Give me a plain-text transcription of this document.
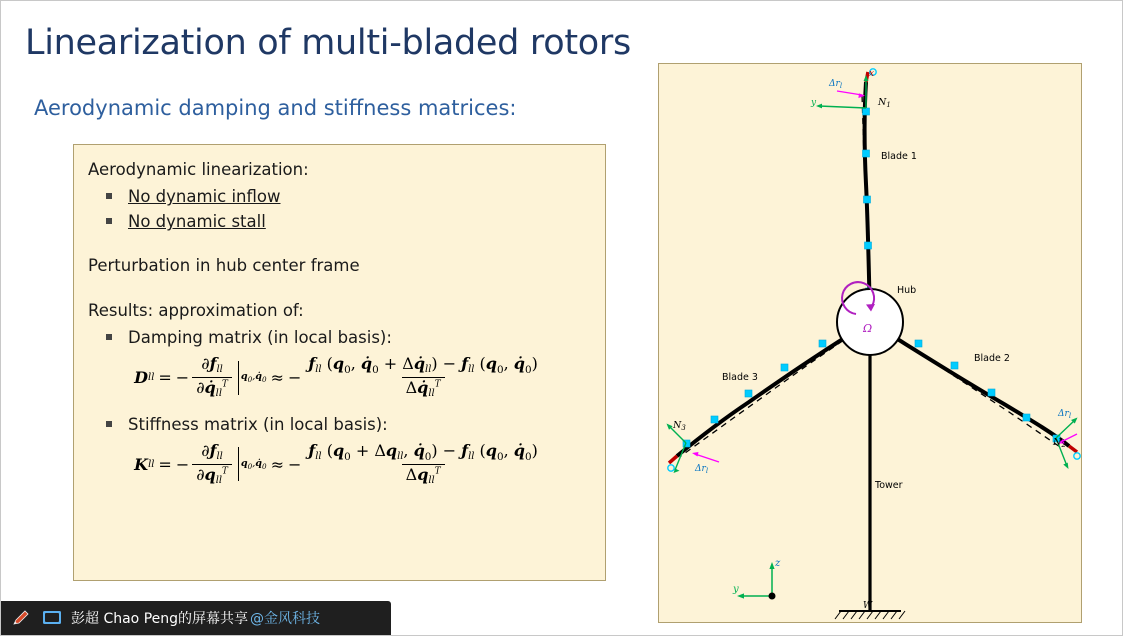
Linearization of multi-bladed rotors
Aerodynamic damping and stiffness matrices:
Aerodynamic linearization:
No dynamic inflow
No dynamic stall
Perturbation in hub center frame
Results: approximation of:
Damping matrix (in local basis):
D ll = − $\frac{\partial ƒ_{ll}}{\partial q̇_{ll}^T}$ $q_0,q̇_0$ ≈ − $\frac{ƒ_{ll} (q_0, q̇_0 + \Delta q̇_{ll}) - ƒ_{ll} (q_0, q̇_0)}{\Delta q̇_{ll}^T}$
Stiffness matrix (in local basis):
K ll = − $\frac{\partial ƒ_{ll}}{\partial q_{ll}^T}$ $q_0,q̇_0$ ≈ − $\frac{ƒ_{ll} (q_0 + \Delta q_{ll}, q̇_0) - ƒ_{ll} (q_0, q̇_0)}{\Delta q_{ll}^T}$
x
y
Δrl
N1
Blade 1
Δrl
N2
Blade 2
Δrl
N3
Blade 3
Ω
Hub
Tower
W
z
y
彭超 Chao Peng的屏幕共享 @金风科技
